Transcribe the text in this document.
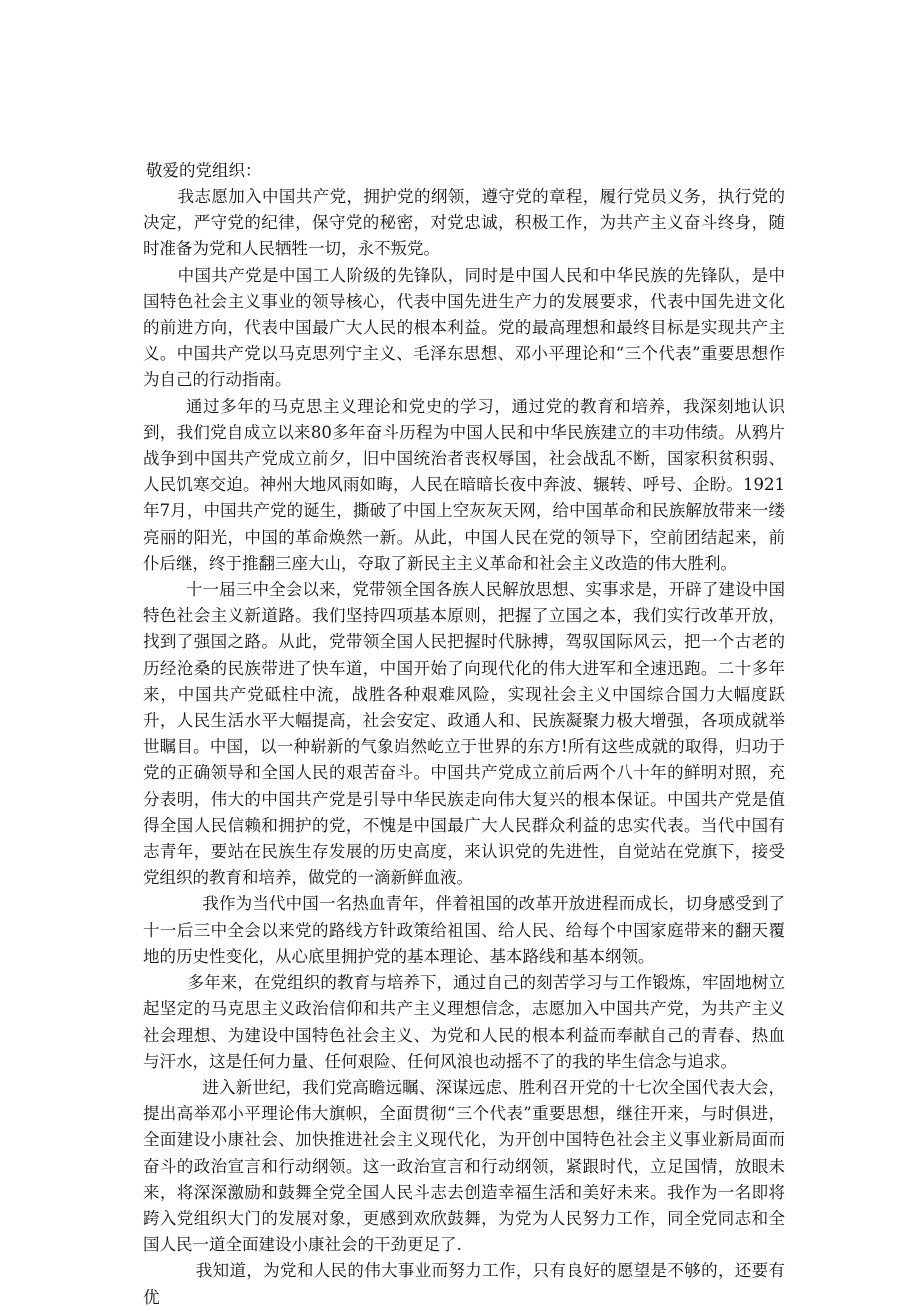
敬爱的党组织：

我志愿加入中国共产党，拥护党的纲领，遵守党的章程，履行党员义务，执行党的决定，严守党的纪律，保守党的秘密，对党忠诚，积极工作，为共产主义奋斗终身，随时准备为党和人民牺牲一切，永不叛党。

中国共产党是中国工人阶级的先锋队，同时是中国人民和中华民族的先锋队，是中国特色社会主义事业的领导核心，代表中国先进生产力的发展要求，代表中国先进文化的前进方向，代表中国最广大人民的根本利益。党的最高理想和最终目标是实现共产主义。中国共产党以马克思列宁主义、毛泽东思想、邓小平理论和“三个代表”重要思想作为自己的行动指南。

通过多年的马克思主义理论和党史的学习，通过党的教育和培养，我深刻地认识到，我们党自成立以来80多年奋斗历程为中国人民和中华民族建立的丰功伟绩。从鸦片战争到中国共产党成立前夕，旧中国统治者丧权辱国，社会战乱不断，国家积贫积弱、人民饥寒交迫。神州大地风雨如晦，人民在暗暗长夜中奔波、辗转、呼号、企盼。1921年7月，中国共产党的诞生，撕破了中国上空灰灰天网，给中国革命和民族解放带来一缕亮丽的阳光，中国的革命焕然一新。从此，中国人民在党的领导下，空前团结起来，前仆后继，终于推翻三座大山，夺取了新民主主义革命和社会主义改造的伟大胜利。

十一届三中全会以来，党带领全国各族人民解放思想、实事求是，开辟了建设中国特色社会主义新道路。我们坚持四项基本原则，把握了立国之本，我们实行改革开放，找到了强国之路。从此，党带领全国人民把握时代脉搏，驾驭国际风云，把一个古老的历经沧桑的民族带进了快车道，中国开始了向现代化的伟大进军和全速迅跑。二十多年来，中国共产党砥柱中流，战胜各种艰难风险，实现社会主义中国综合国力大幅度跃升，人民生活水平大幅提高，社会安定、政通人和、民族凝聚力极大增强，各项成就举世瞩目。中国，以一种崭新的气象岿然屹立于世界的东方!所有这些成就的取得，归功于党的正确领导和全国人民的艰苦奋斗。中国共产党成立前后两个八十年的鲜明对照，充分表明，伟大的中国共产党是引导中华民族走向伟大复兴的根本保证。中国共产党是值得全国人民信赖和拥护的党，不愧是中国最广大人民群众利益的忠实代表。当代中国有志青年，要站在民族生存发展的历史高度，来认识党的先进性，自觉站在党旗下，接受党组织的教育和培养，做党的一滴新鲜血液。

我作为当代中国一名热血青年，伴着祖国的改革开放进程而成长，切身感受到了十一后三中全会以来党的路线方针政策给祖国、给人民、给每个中国家庭带来的翻天覆地的历史性变化，从心底里拥护党的基本理论、基本路线和基本纲领。

多年来，在党组织的教育与培养下，通过自己的刻苦学习与工作锻炼，牢固地树立起坚定的马克思主义政治信仰和共产主义理想信念，志愿加入中国共产党，为共产主义社会理想、为建设中国特色社会主义、为党和人民的根本利益而奉献自己的青春、热血与汗水，这是任何力量、任何艰险、任何风浪也动摇不了的我的毕生信念与追求。

进入新世纪，我们党高瞻远瞩、深谋远虑、胜利召开党的十七次全国代表大会，提出高举邓小平理论伟大旗帜，全面贯彻“三个代表”重要思想，继往开来，与时俱进，全面建设小康社会、加快推进社会主义现代化，为开创中国特色社会主义事业新局面而奋斗的政治宣言和行动纲领。这一政治宣言和行动纲领，紧跟时代，立足国情，放眼未来，将深深激励和鼓舞全党全国人民斗志去创造幸福生活和美好未来。我作为一名即将跨入党组织大门的发展对象，更感到欢欣鼓舞，为党为人民努力工作，同全党同志和全国人民一道全面建设小康社会的干劲更足了.

我知道，为党和人民的伟大事业而努力工作，只有良好的愿望是不够的，还要有优
